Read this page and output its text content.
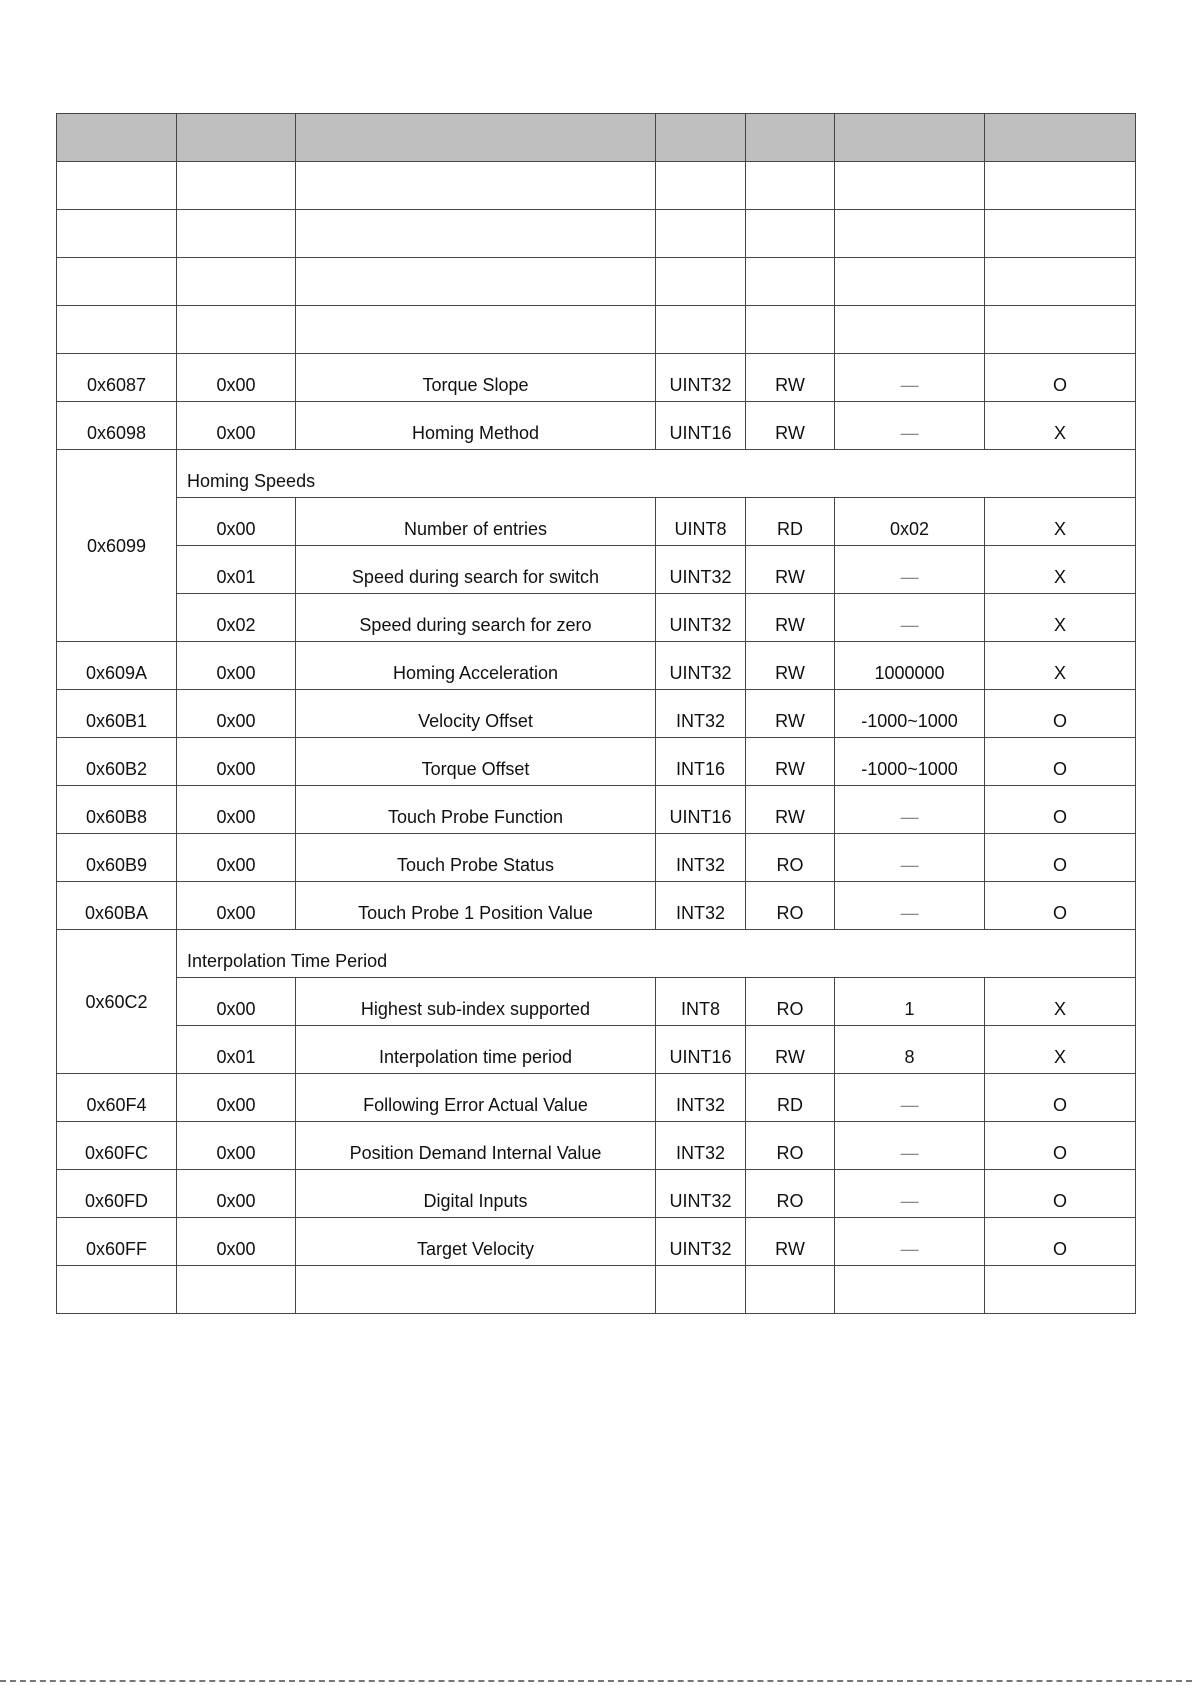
0x6087	0x00	Torque Slope	UINT32	RW	—	O
0x6098	0x00	Homing Method	UINT16	RW	—	X
0x6099	Homing Speeds					
	0x00	Number of entries	UINT8	RD	0x02	X
	0x01	Speed during search for switch	UINT32	RW	—	X
	0x02	Speed during search for zero	UINT32	RW	—	X
0x609A	0x00	Homing Acceleration	UINT32	RW	1000000	X
0x60B1	0x00	Velocity Offset	INT32	RW	-1000~1000	O
0x60B2	0x00	Torque Offset	INT16	RW	-1000~1000	O
0x60B8	0x00	Touch Probe Function	UINT16	RW	—	O
0x60B9	0x00	Touch Probe Status	INT32	RO	—	O
0x60BA	0x00	Touch Probe 1 Position Value	INT32	RO	—	O
0x60C2	Interpolation Time Period					
	0x00	Highest sub-index supported	INT8	RO	1	X
	0x01	Interpolation time period	UINT16	RW	8	X
0x60F4	0x00	Following Error Actual Value	INT32	RD	—	O
0x60FC	0x00	Position Demand Internal Value	INT32	RO	—	O
0x60FD	0x00	Digital Inputs	UINT32	RO	—	O
0x60FF	0x00	Target Velocity	UINT32	RW	—	O
